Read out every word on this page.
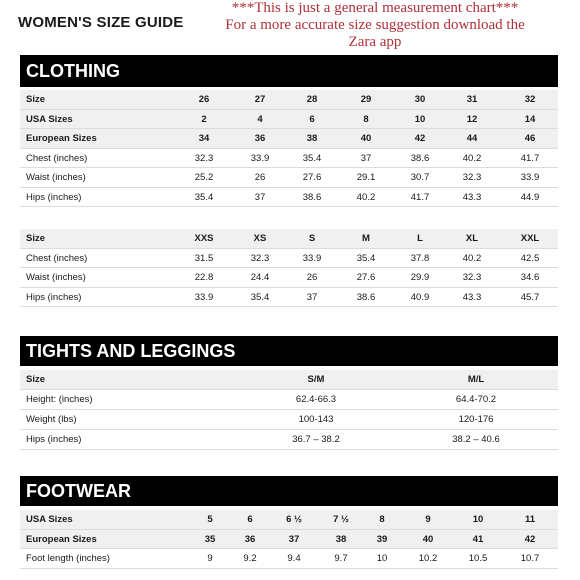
WOMEN'S SIZE GUIDE
***This is just a general measurement chart***
For a more accurate size suggestion download the
Zara app
CLOTHING
Size	26	27	28	29	30	31	32
USA Sizes	2	4	6	8	10	12	14
European Sizes	34	36	38	40	42	44	46
Chest (inches)	32.3	33.9	35.4	37	38.6	40.2	41.7
Waist (inches)	25.2	26	27.6	29.1	30.7	32.3	33.9
Hips (inches)	35.4	37	38.6	40.2	41.7	43.3	44.9
Size	XXS	XS	S	M	L	XL	XXL
Chest (inches)	31.5	32.3	33.9	35.4	37.8	40.2	42.5
Waist (inches)	22.8	24.4	26	27.6	29.9	32.3	34.6
Hips (inches)	33.9	35.4	37	38.6	40.9	43.3	45.7
TIGHTS AND LEGGINGS
Size	S/M	M/L
Height: (inches)	62.4-66.3	64.4-70.2
Weight (lbs)	100-143	120-176
Hips (inches)	36.7 – 38.2	38.2 – 40.6
FOOTWEAR
USA Sizes	5	6	6 ½	7 ½	8	9	10	11
European Sizes	35	36	37	38	39	40	41	42
Foot length (inches)	9	9.2	9.4	9.7	10	10.2	10.5	10.7
